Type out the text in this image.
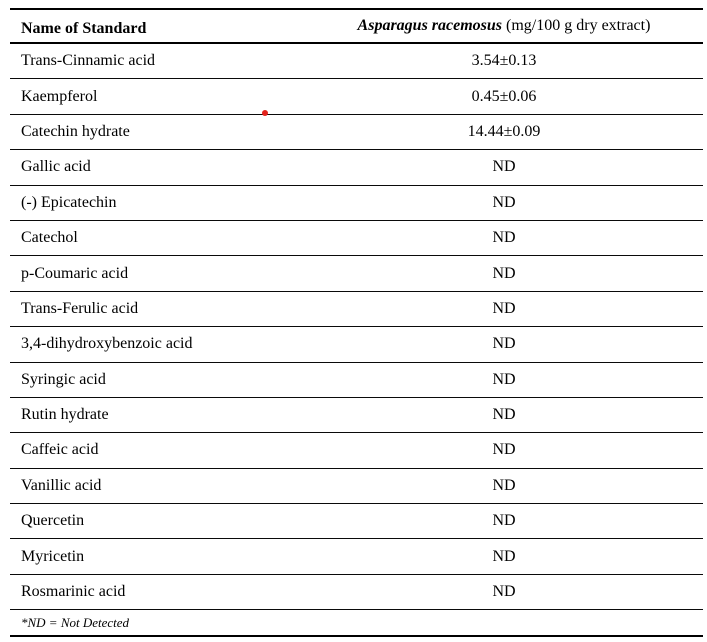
Name of Standard	Asparagus racemosus (mg/100 g dry extract)
Trans-Cinnamic acid	3.54±0.13
Kaempferol	0.45±0.06
Catechin hydrate	14.44±0.09
Gallic acid	ND
(-) Epicatechin	ND
Catechol	ND
p-Coumaric acid	ND
Trans-Ferulic acid	ND
3,4-dihydroxybenzoic acid	ND
Syringic acid	ND
Rutin hydrate	ND
Caffeic acid	ND
Vanillic acid	ND
Quercetin	ND
Myricetin	ND
Rosmarinic acid	ND
*ND = Not Detected
